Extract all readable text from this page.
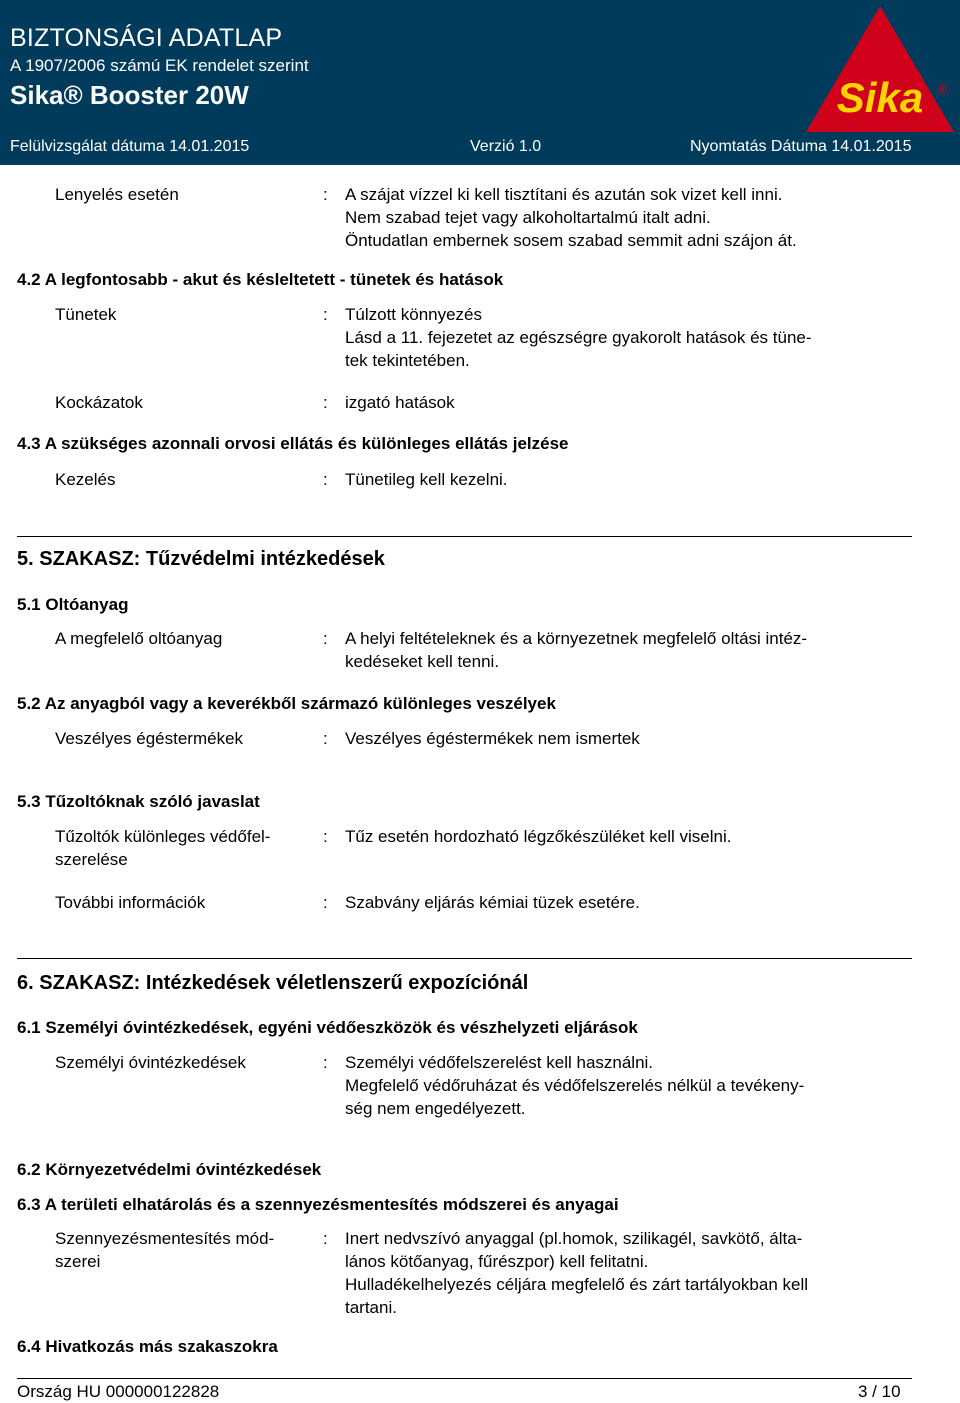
BIZTONSÁGI ADATLAP
A 1907/2006 számú EK rendelet szerint
Sika® Booster 20W
Felülvizsgálat dátuma 14.01.2015	Verzió 1.0	Nyomtatás Dátuma 14.01.2015
Sika ®
Lenyelés esetén	: A szájat vízzel ki kell tisztítani és azután sok vizet kell inni.
Nem szabad tejet vagy alkoholtartalmú italt adni.
Öntudatlan embernek sosem szabad semmit adni szájon át.
4.2 A legfontosabb - akut és késleltetett - tünetek és hatások
Tünetek	: Túlzott könnyezés
Lásd a 11. fejezetet az egészségre gyakorolt hatások és tüne-
tek tekintetében.
Kockázatok	: izgató hatások
4.3 A szükséges azonnali orvosi ellátás és különleges ellátás jelzése
Kezelés	: Tünetileg kell kezelni.
5. SZAKASZ: Tűzvédelmi intézkedések
5.1 Oltóanyag
A megfelelő oltóanyag	: A helyi feltételeknek és a környezetnek megfelelő oltási intéz-
kedéseket kell tenni.
5.2 Az anyagból vagy a keverékből származó különleges veszélyek
Veszélyes égéstermékek	: Veszélyes égéstermékek nem ismertek
5.3 Tűzoltóknak szóló javaslat
Tűzoltók különleges védőfel-
szerelése
: Tűz esetén hordozható légzőkészüléket kell viselni.
További információk	: Szabvány eljárás kémiai tüzek esetére.
6. SZAKASZ: Intézkedések véletlenszerű expozíciónál
6.1 Személyi óvintézkedések, egyéni védőeszközök és vészhelyzeti eljárások
Személyi óvintézkedések	: Személyi védőfelszerelést kell használni.
Megfelelő védőruházat és védőfelszerelés nélkül a tevékeny-
ség nem engedélyezett.
6.2 Környezetvédelmi óvintézkedések
6.3 A területi elhatárolás és a szennyezésmentesítés módszerei és anyagai
Szennyezésmentesítés mód-
szerei
: Inert nedvszívó anyaggal (pl.homok, szilikagél, savkötő, álta-
lános kötőanyag, fűrészpor) kell felitatni.
Hulladékelhelyezés céljára megfelelő és zárt tartályokban kell
tartani.
6.4 Hivatkozás más szakaszokra
Ország HU 000000122828	3 / 10
